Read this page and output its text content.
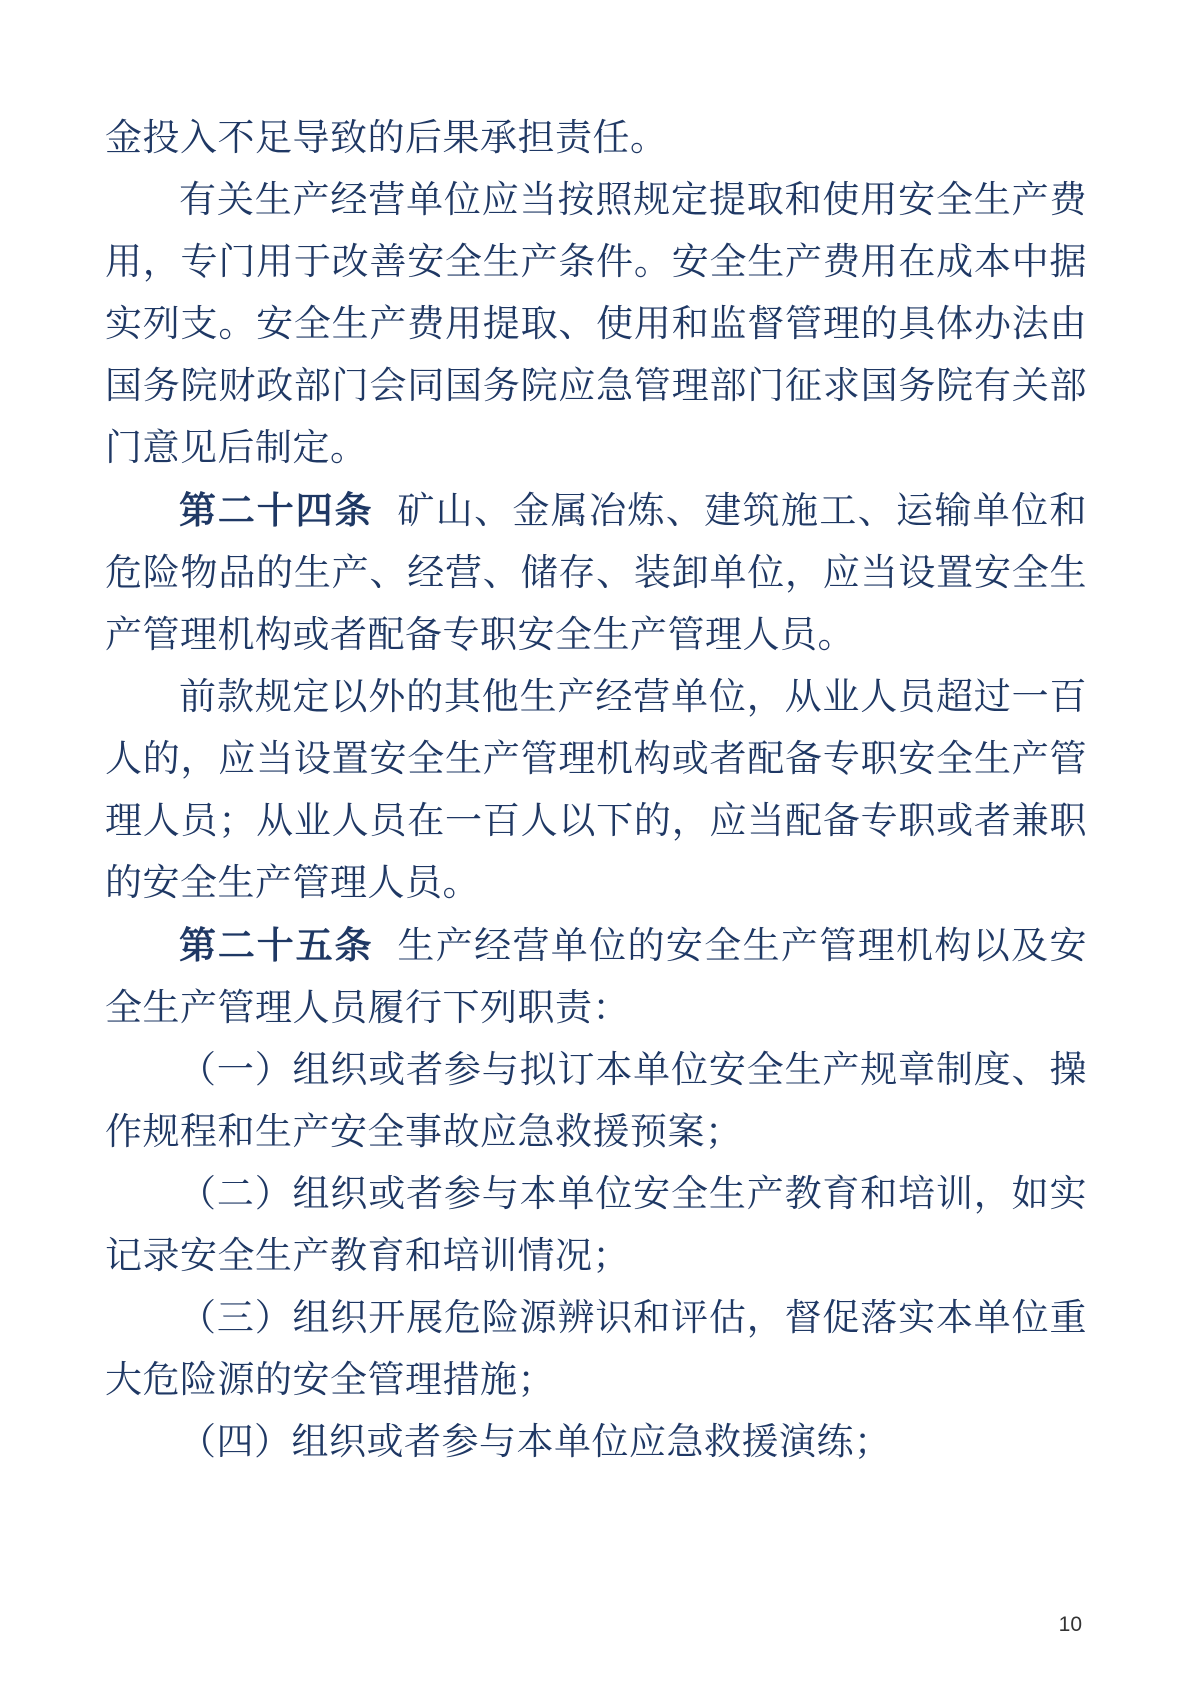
金投入不足导致的后果承担责任。

有关生产经营单位应当按照规定提取和使用安全生产费用，专门用于改善安全生产条件。安全生产费用在成本中据实列支。安全生产费用提取、使用和监督管理的具体办法由国务院财政部门会同国务院应急管理部门征求国务院有关部门意见后制定。

第二十四条 矿山、金属冶炼、建筑施工、运输单位和危险物品的生产、经营、储存、装卸单位，应当设置安全生产管理机构或者配备专职安全生产管理人员。

前款规定以外的其他生产经营单位，从业人员超过一百人的，应当设置安全生产管理机构或者配备专职安全生产管理人员；从业人员在一百人以下的，应当配备专职或者兼职的安全生产管理人员。

第二十五条 生产经营单位的安全生产管理机构以及安全生产管理人员履行下列职责：

（一）组织或者参与拟订本单位安全生产规章制度、操作规程和生产安全事故应急救援预案；

（二）组织或者参与本单位安全生产教育和培训，如实记录安全生产教育和培训情况；

（三）组织开展危险源辨识和评估，督促落实本单位重大危险源的安全管理措施；

（四）组织或者参与本单位应急救援演练；

10
